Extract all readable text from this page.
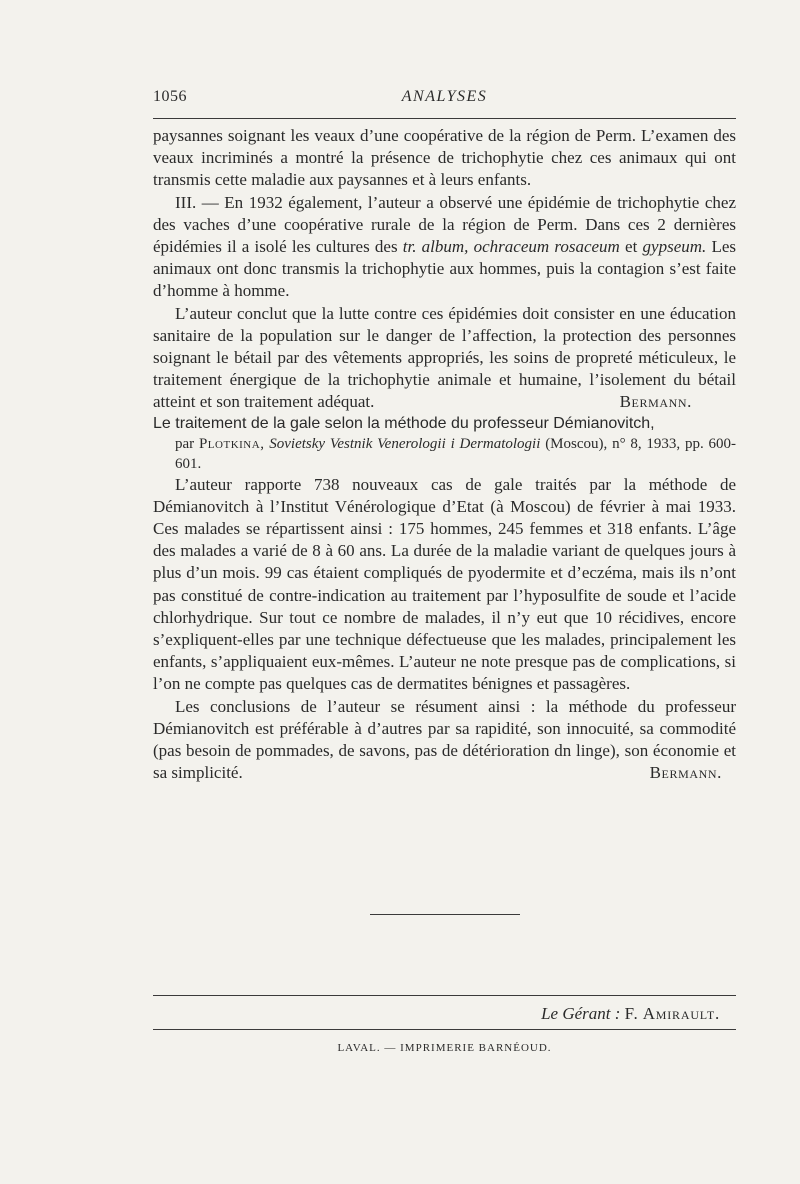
1056	ANALYSES

paysannes soignant les veaux d’une coopérative de la région de Perm. L’examen des veaux incriminés a montré la présence de trichophytie chez ces animaux qui ont transmis cette maladie aux paysannes et à leurs enfants.

III. — En 1932 également, l’auteur a observé une épidémie de trichophytie chez des vaches d’une coopérative rurale de la région de Perm. Dans ces 2 dernières épidémies il a isolé les cultures des tr. album, ochraceum rosaceum et gypseum. Les animaux ont donc transmis la trichophytie aux hommes, puis la contagion s’est faite d’homme à homme.

L’auteur conclut que la lutte contre ces épidémies doit consister en une éducation sanitaire de la population sur le danger de l’affection, la protection des personnes soignant le bétail par des vêtements appropriés, les soins de propreté méticuleux, le traitement énergique de la trichophytie animale et humaine, l’isolement du bétail atteint et son traitement adéquat.	Bermann.

Le traitement de la gale selon la méthode du professeur Démianovitch,

par Plotkina, Sovietsky Vestnik Venerologii i Dermatologii (Moscou), n° 8, 1933, pp. 600-601.

L’auteur rapporte 738 nouveaux cas de gale traités par la méthode de Démianovitch à l’Institut Vénérologique d’Etat (à Moscou) de février à mai 1933. Ces malades se répartissent ainsi : 175 hommes, 245 femmes et 318 enfants. L’âge des malades a varié de 8 à 60 ans. La durée de la maladie variant de quelques jours à plus d’un mois. 99 cas étaient compliqués de pyodermite et d’eczéma, mais ils n’ont pas constitué de contre-indication au traitement par l’hyposulfite de soude et l’acide chlorhydrique. Sur tout ce nombre de malades, il n’y eut que 10 récidives, encore s’expliquent-elles par une technique défectueuse que les malades, principalement les enfants, s’appliquaient eux-mêmes. L’auteur ne note presque pas de complications, si l’on ne compte pas quelques cas de dermatites bénignes et passagères.

Les conclusions de l’auteur se résument ainsi : la méthode du professeur Démianovitch est préférable à d’autres par sa rapidité, son innocuité, sa commodité (pas besoin de pommades, de savons, pas de détérioration dn linge), son économie et sa simplicité.	Bermann.

Le Gérant : F. Amirault.
LAVAL. — IMPRIMERIE BARNÉOUD.
